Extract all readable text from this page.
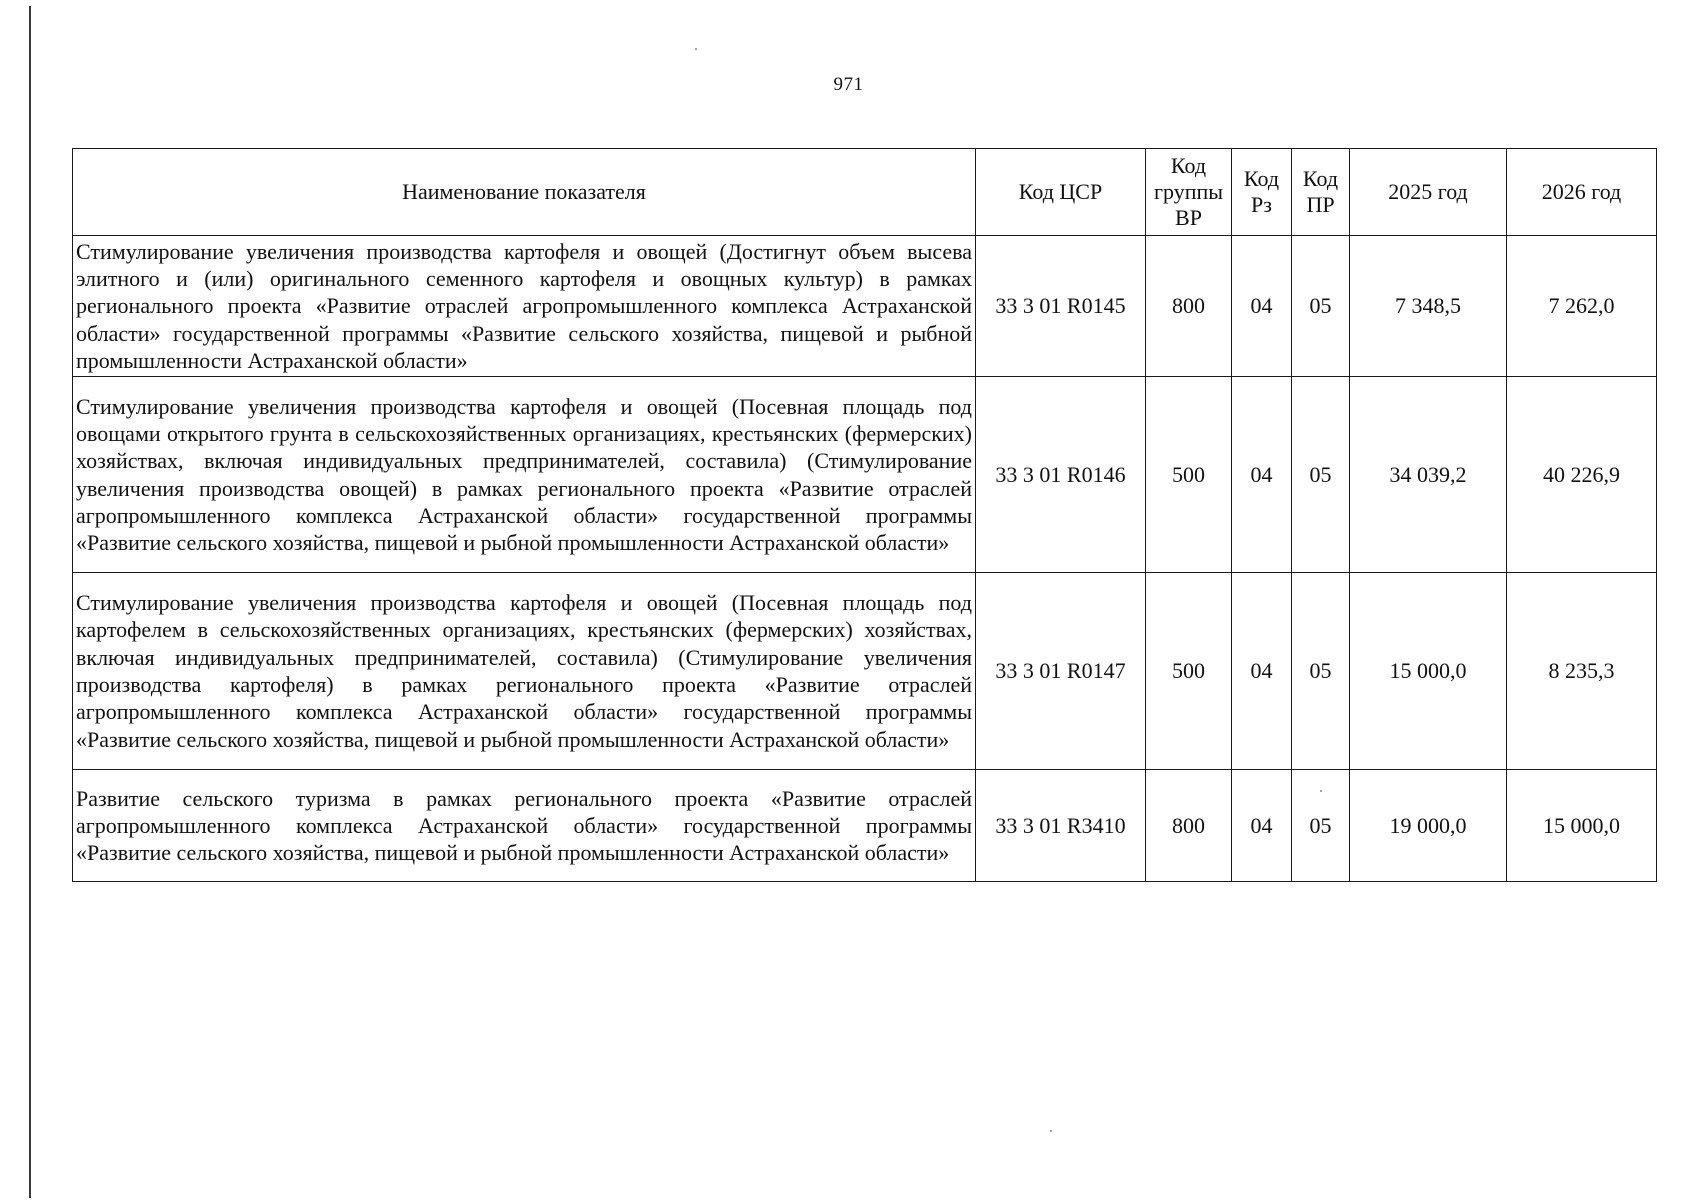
971
Наименование показателя	Код ЦСР	Код группы ВР	Код Рз	Код ПР	2025 год	2026 год
Стимулирование увеличения производства картофеля и овощей (Достигнут объем высева элитного и (или) оригинального семенного картофеля и овощных культур) в рамках регионального проекта «Развитие отраслей агропромышленного комплекса Астраханской области» государственной программы «Развитие сельского хозяйства, пищевой и рыбной промышленности Астраханской области»	33 3 01 R0145	800	04	05	7 348,5	7 262,0
Стимулирование увеличения производства картофеля и овощей (Посевная площадь под овощами открытого грунта в сельскохозяйственных организациях, крестьянских (фермерских) хозяйствах, включая индивидуальных предпринимателей, составила) (Стимулирование увеличения производства овощей) в рамках регионального проекта «Развитие отраслей агропромышленного комплекса Астраханской области» государственной программы «Развитие сельского хозяйства, пищевой и рыбной промышленности Астраханской области»	33 3 01 R0146	500	04	05	34 039,2	40 226,9
Стимулирование увеличения производства картофеля и овощей (Посевная площадь под картофелем в сельскохозяйственных организациях, крестьянских (фермерских) хозяйствах, включая индивидуальных предпринимателей, составила) (Стимулирование увеличения производства картофеля) в рамках регионального проекта «Развитие отраслей агропромышленного комплекса Астраханской области» государственной программы «Развитие сельского хозяйства, пищевой и рыбной промышленности Астраханской области»	33 3 01 R0147	500	04	05	15 000,0	8 235,3
Развитие сельского туризма в рамках регионального проекта «Развитие отраслей агропромышленного комплекса Астраханской области» государственной программы «Развитие сельского хозяйства, пищевой и рыбной промышленности Астраханской области»	33 3 01 R3410	800	04	05	19 000,0	15 000,0
